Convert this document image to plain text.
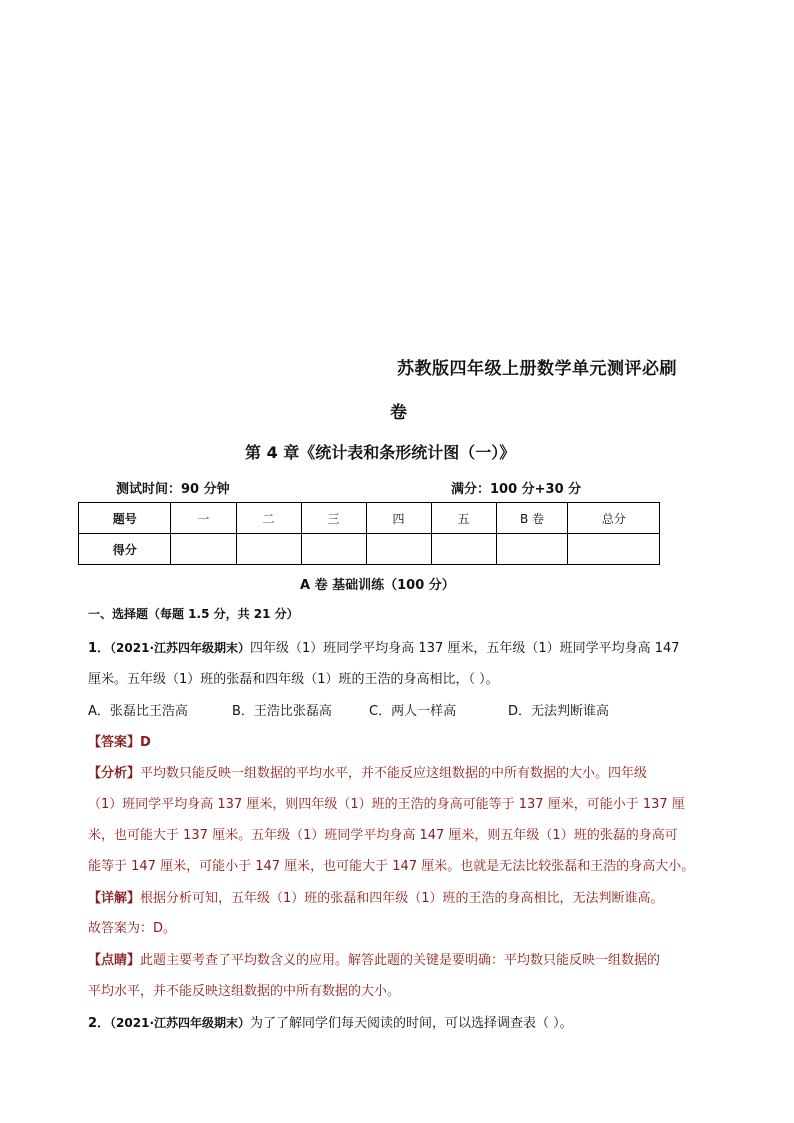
苏教版四年级上册数学单元测评必刷
卷
第 4 章《统计表和条形统计图（一）》
测试时间：90 分钟	满分：100 分+30 分
题号	一	二	三	四	五	B 卷	总分
得分							
A 卷 基础训练（100 分）
一、选择题（每题 1.5 分，共 21 分）
1．（2021·江苏四年级期末）四年级（1）班同学平均身高 137 厘米，五年级（1）班同学平均身高 147
厘米。五年级（1）班的张磊和四年级（1）班的王浩的身高相比，（ ）。
A．张磊比王浩高	B．王浩比张磊高	C．两人一样高	D．无法判断谁高
【答案】D
【分析】平均数只能反映一组数据的平均水平，并不能反应这组数据的中所有数据的大小。四年级
（1）班同学平均身高 137 厘米，则四年级（1）班的王浩的身高可能等于 137 厘米，可能小于 137 厘
米，也可能大于 137 厘米。五年级（1）班同学平均身高 147 厘米，则五年级（1）班的张磊的身高可
能等于 147 厘米，可能小于 147 厘米，也可能大于 147 厘米。也就是无法比较张磊和王浩的身高大小。
【详解】根据分析可知，五年级（1）班的张磊和四年级（1）班的王浩的身高相比，无法判断谁高。
故答案为：D。
【点睛】此题主要考查了平均数含义的应用。解答此题的关键是要明确：平均数只能反映一组数据的
平均水平，并不能反映这组数据的中所有数据的大小。
2．（2021·江苏四年级期末）为了了解同学们每天阅读的时间，可以选择调查表（ ）。
